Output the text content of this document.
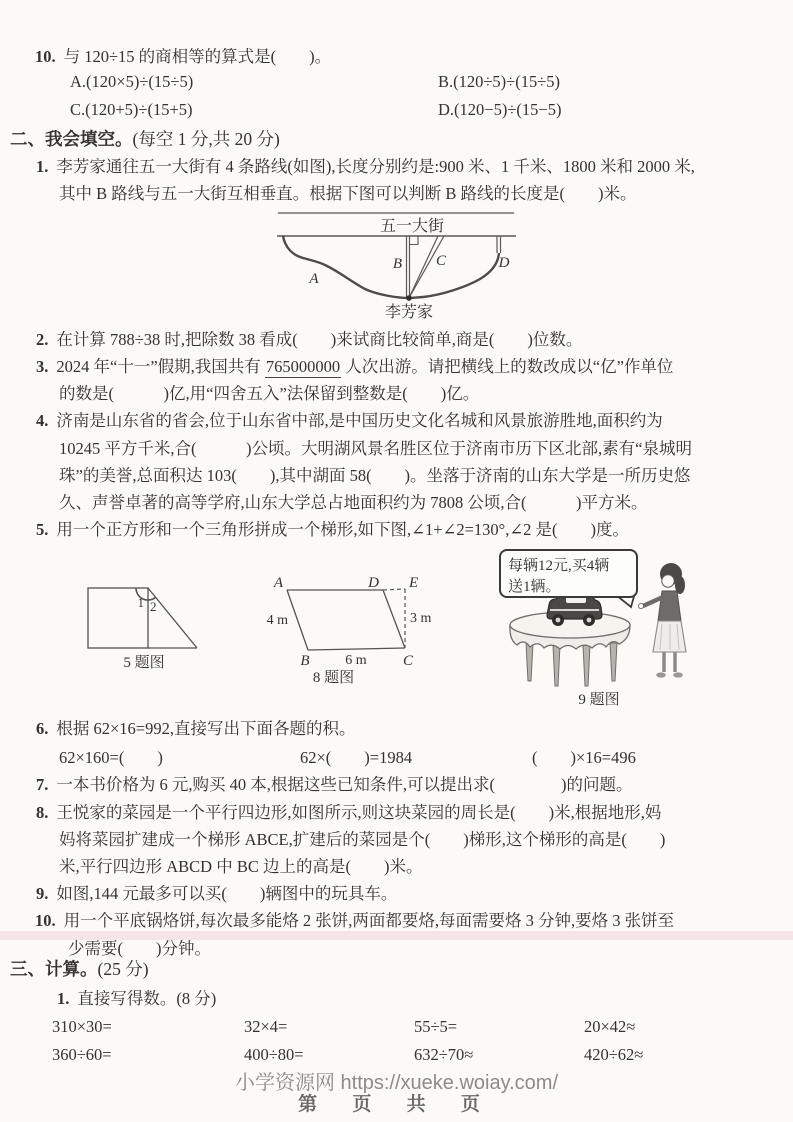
10. 与 120÷15 的商相等的算式是(　　)。
A.(120×5)÷(15÷5)	B.(120÷5)÷(15÷5)
C.(120+5)÷(15+5)	D.(120−5)÷(15−5)
二、我会填空。(每空 1 分,共 20 分)
1. 李芳家通往五一大街有 4 条路线(如图),长度分别约是:900 米、1 千米、1800 米和 2000 米,
其中 B 路线与五一大街互相垂直。根据下图可以判断 B 路线的长度是(　　)米。
五一大街
A
B C	D
李芳家
2. 在计算 788÷38 时,把除数 38 看成(　　)来试商比较简单,商是(　　)位数。
3. 2024 年“十一”假期,我国共有 765000000 人次出游。请把横线上的数改成以“亿”作单位
的数是(　　　)亿,用“四舍五入”法保留到整数是(　　)亿。
4. 济南是山东省的省会,位于山东省中部,是中国历史文化名城和风景旅游胜地,面积约为
10245 平方千米,合(　　　)公顷。大明湖风景名胜区位于济南市历下区北部,素有“泉城明
珠”的美誉,总面积达 103(　　),其中湖面 58(　　)。坐落于济南的山东大学是一所历史悠
久、声誉卓著的高等学府,山东大学总占地面积约为 7808 公顷,合(　　　)平方米。
5. 用一个正方形和一个三角形拼成一个梯形,如下图,∠1+∠2=130°,∠2 是(　　)度。
1 2
5 题图
A	D E
B	C
4 m
6 m
3 m
8 题图
每辆12元,买4辆
送1辆。
9 题图
6. 根据 62×16=992,直接写出下面各题的积。
62×160=(　　)	62×(　　)=1984	(　　)×16=496
7. 一本书价格为 6 元,购买 40 本,根据这些已知条件,可以提出求(　　　　)的问题。
8. 王悦家的菜园是一个平行四边形,如图所示,则这块菜园的周长是(　　)米,根据地形,妈
妈将菜园扩建成一个梯形 ABCE,扩建后的菜园是个(　　)梯形,这个梯形的高是(　　)
米,平行四边形 ABCD 中 BC 边上的高是(　　)米。
9. 如图,144 元最多可以买(　　)辆图中的玩具车。
10. 用一个平底锅烙饼,每次最多能烙 2 张饼,两面都要烙,每面需要烙 3 分钟,要烙 3 张饼至
少需要(　　)分钟。
三、计算。(25 分)
1. 直接写得数。(8 分)
310×30=	32×4=	55÷5=	20×42≈
360÷60=	400÷80=	632÷70≈	420÷62≈
小学资源网 https://xueke.woiay.com/
第 页 共 页
